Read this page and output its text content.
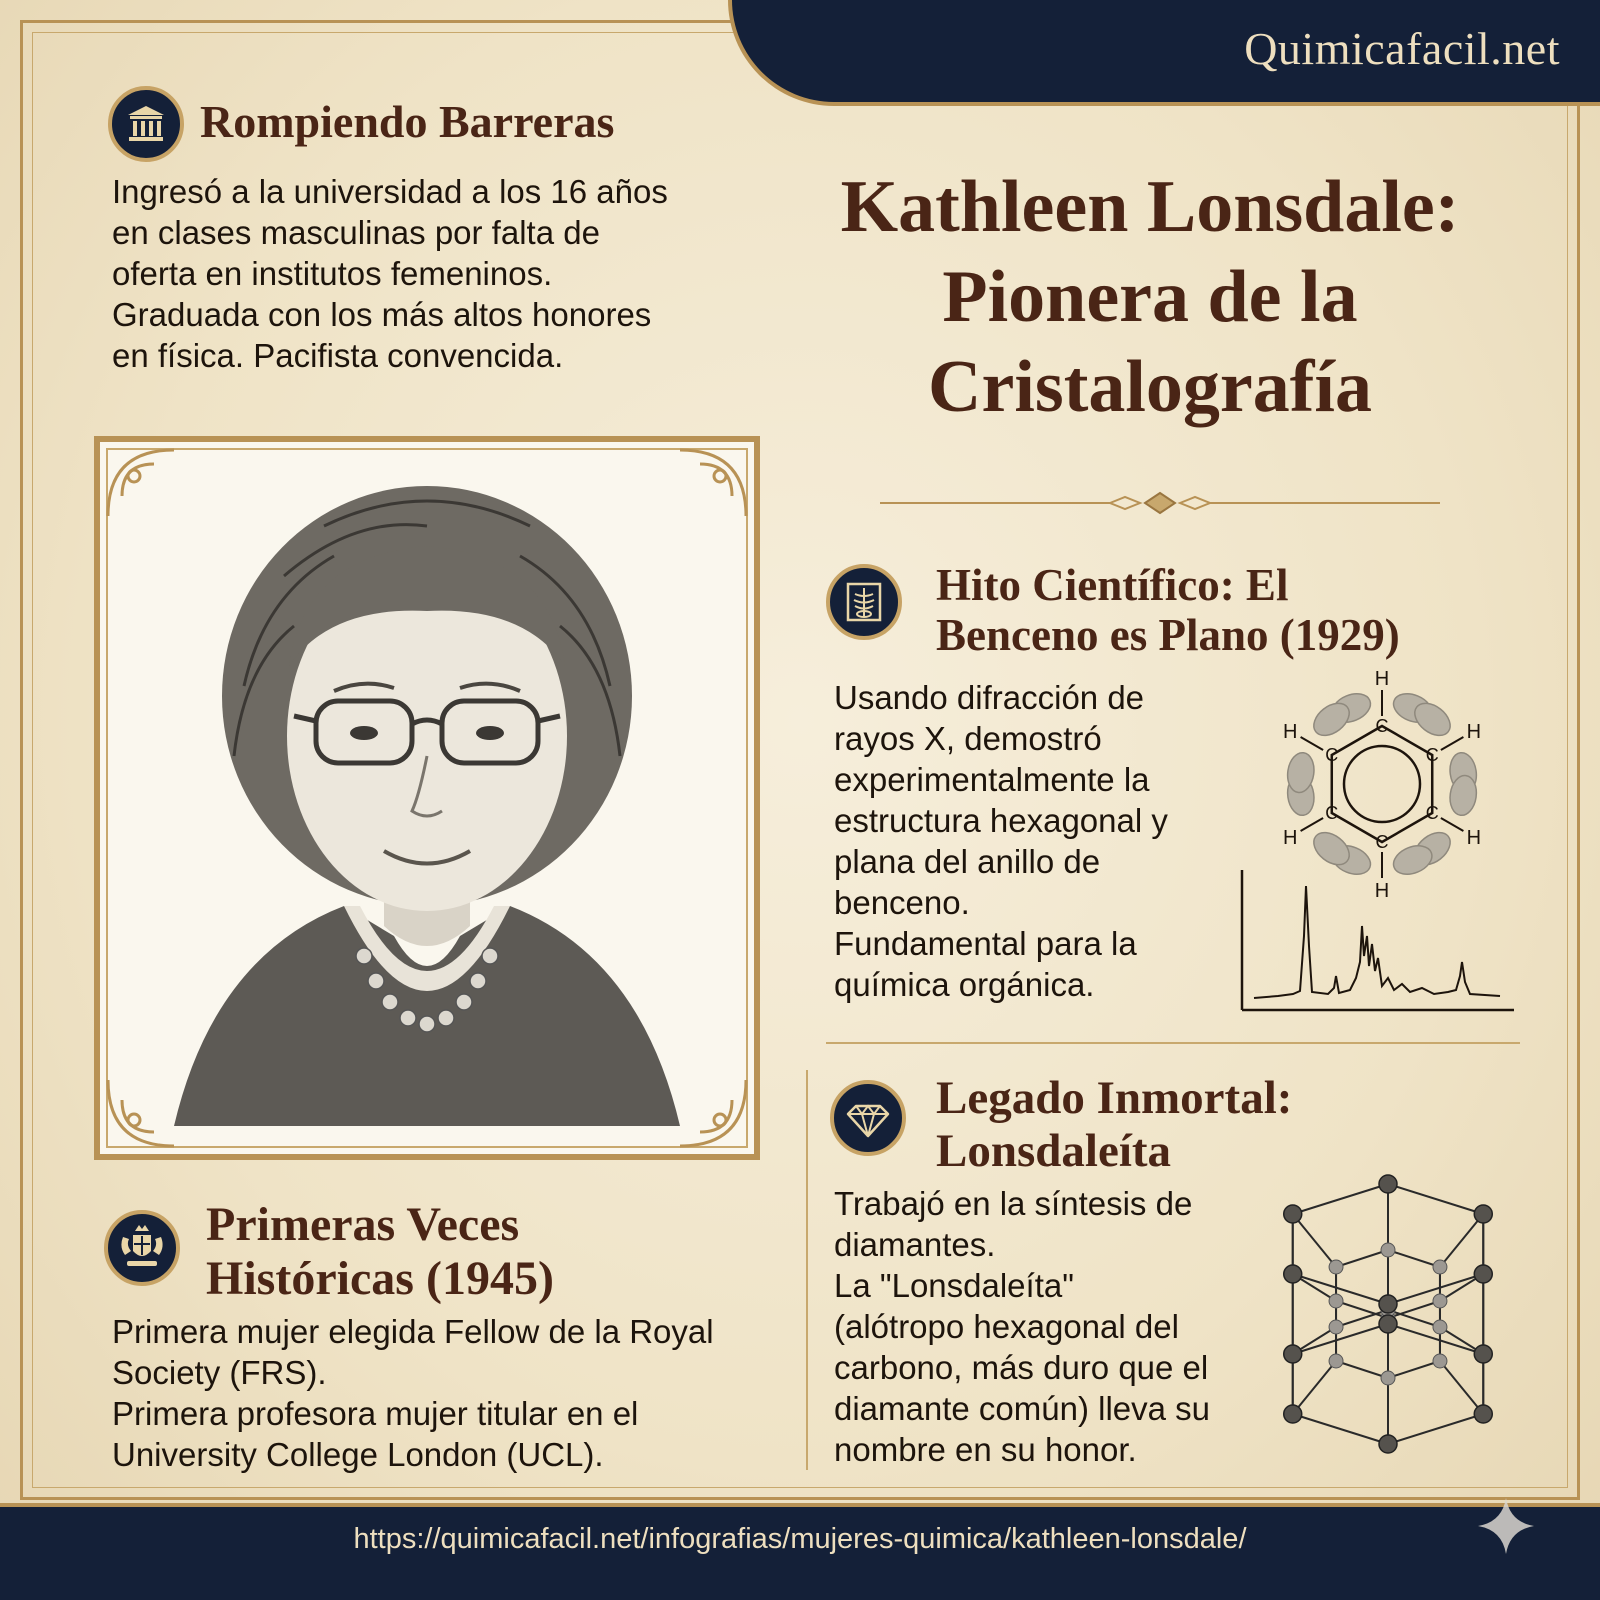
Quimicafacil.net
Rompiendo Barreras
Ingresó a la universidad a los 16 años
en clases masculinas por falta de
oferta en institutos femeninos.
Graduada con los más altos honores
en física. Pacifista convencida.
Kathleen Lonsdale:
Pionera de la
Cristalografía
Primeras Veces
Históricas (1945)
Primera mujer elegida Fellow de la Royal
Society (FRS).
Primera profesora mujer titular en el
University College London (UCL).
Hito Científico: El
Benceno es Plano (1929)
Usando difracción de
rayos X, demostró
experimentalmente la
estructura hexagonal y
plana del anillo de
benceno.
Fundamental para la
química orgánica.
C
H
C
H
C
H
C
H
C
H
C
H
Legado Inmortal:
Lonsdaleíta
Trabajó en la síntesis de
diamantes.
La "Lonsdaleíta"
(alótropo hexagonal del
carbono, más duro que el
diamante común) lleva su
nombre en su honor.
https://quimicafacil.net/infografias/mujeres-quimica/kathleen-lonsdale/
